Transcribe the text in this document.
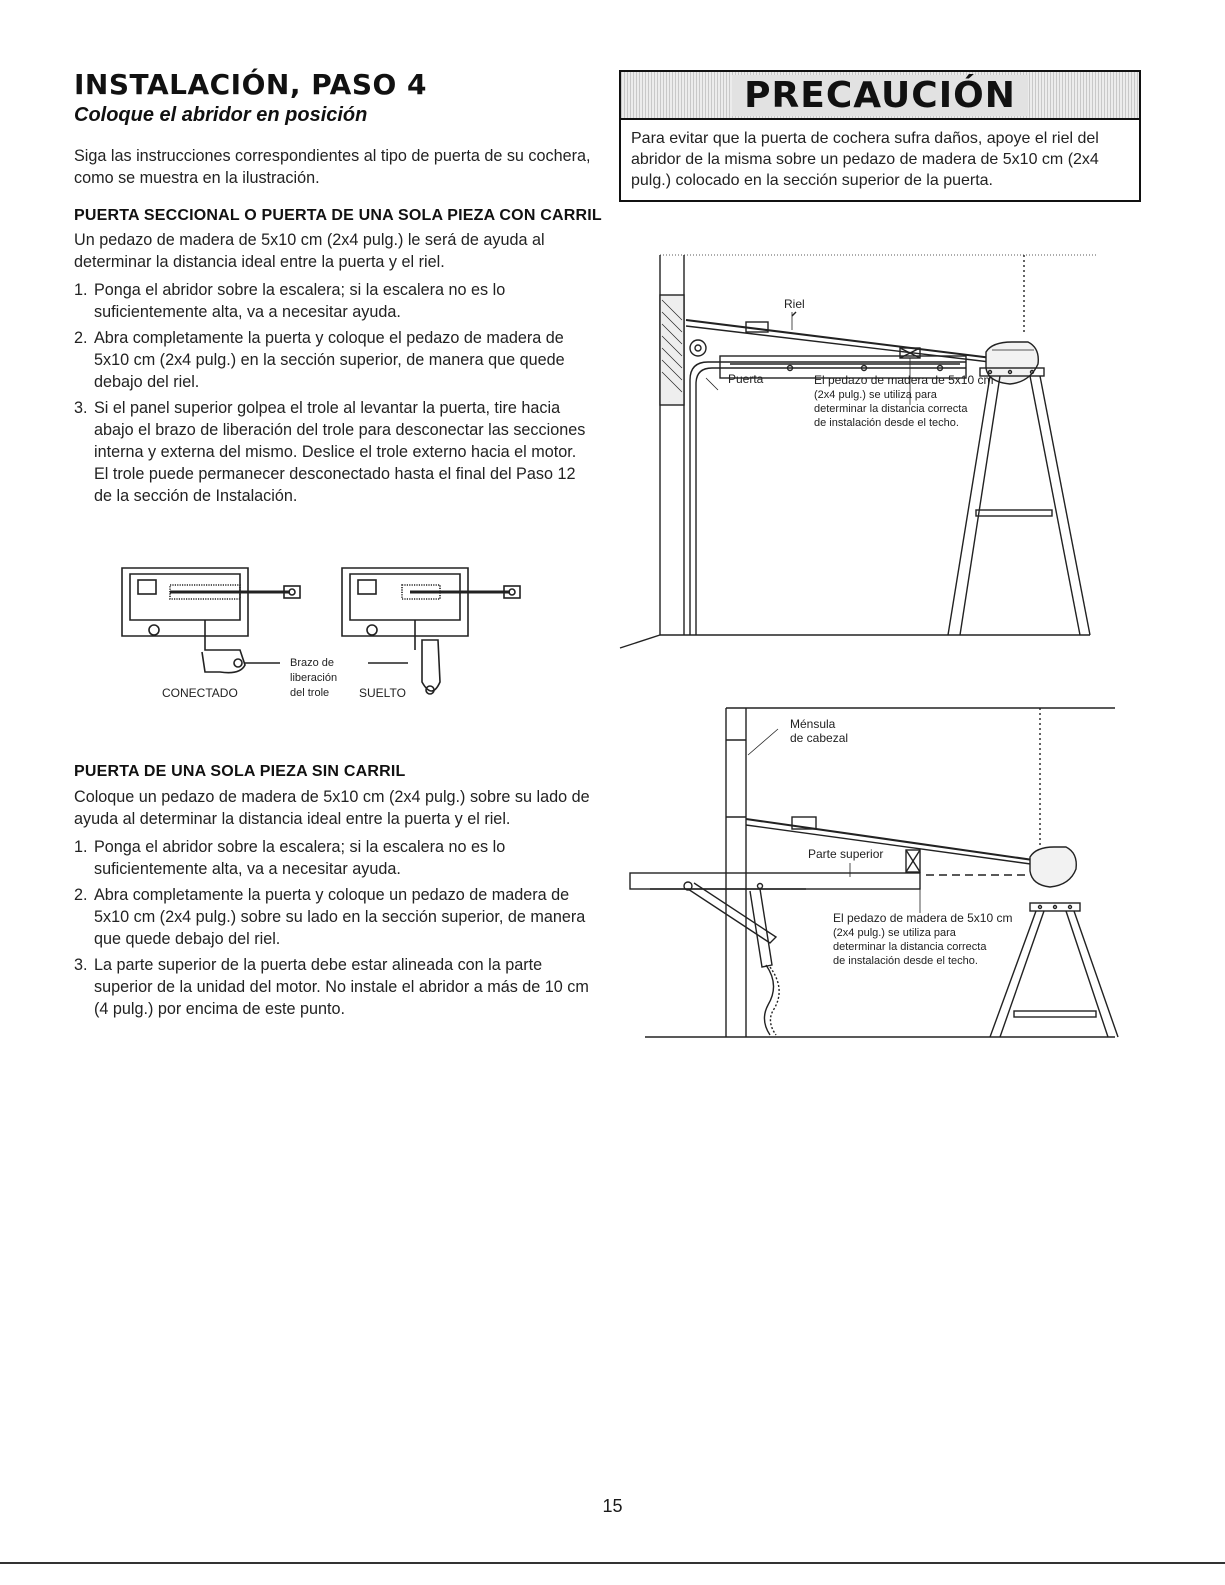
INSTALACIÓN, PASO 4
Coloque el abridor en posición
Siga las instrucciones correspondientes al tipo de puerta de su cochera, como se muestra en la ilustración.
PUERTA SECCIONAL O PUERTA DE UNA SOLA PIEZA CON CARRIL
Un pedazo de madera de 5x10 cm (2x4 pulg.) le será de ayuda al determinar la distancia ideal entre la puerta y el riel.
1. Ponga el abridor sobre la escalera; si la escalera no es lo suficientemente alta, va a necesitar ayuda.
2. Abra completamente la puerta y coloque el pedazo de madera de 5x10 cm (2x4 pulg.) en la sección superior, de manera que quede debajo del riel.
3. Si el panel superior golpea el trole al levantar la puerta, tire hacia abajo el brazo de liberación del trole para desconectar las secciones interna y externa del mismo. Deslice el trole externo hacia el motor. El trole puede permanecer desconectado hasta el final del Paso 12 de la sección de Instalación.
CONECTADO
Brazo de
liberación
del trole SUELTO
PUERTA DE UNA SOLA PIEZA SIN CARRIL
Coloque un pedazo de madera de 5x10 cm (2x4 pulg.) sobre su lado de ayuda al determinar la distancia ideal entre la puerta y el riel.
1. Ponga el abridor sobre la escalera; si la escalera no es lo suficientemente alta, va a necesitar ayuda.
2. Abra completamente la puerta y coloque un pedazo de madera de 5x10 cm (2x4 pulg.) sobre su lado en la sección superior, de manera que quede debajo del riel.
3. La parte superior de la puerta debe estar alineada con la parte superior de la unidad del motor. No instale el abridor a más de 10 cm (4 pulg.) por encima de este punto.
PRECAUCIÓN
Para evitar que la puerta de cochera sufra daños, apoye el riel del abridor de la misma sobre un pedazo de madera de 5x10 cm (2x4 pulg.) colocado en la sección superior de la puerta.
Riel
Puerta	El pedazo de madera de 5x10 cm
(2x4 pulg.) se utiliza para
determinar la distancia correcta
de instalación desde el techo.
Ménsula
de cabezal
Parte superior
El pedazo de madera de 5x10 cm
(2x4 pulg.) se utiliza para
determinar la distancia correcta
de instalación desde el techo.
15
